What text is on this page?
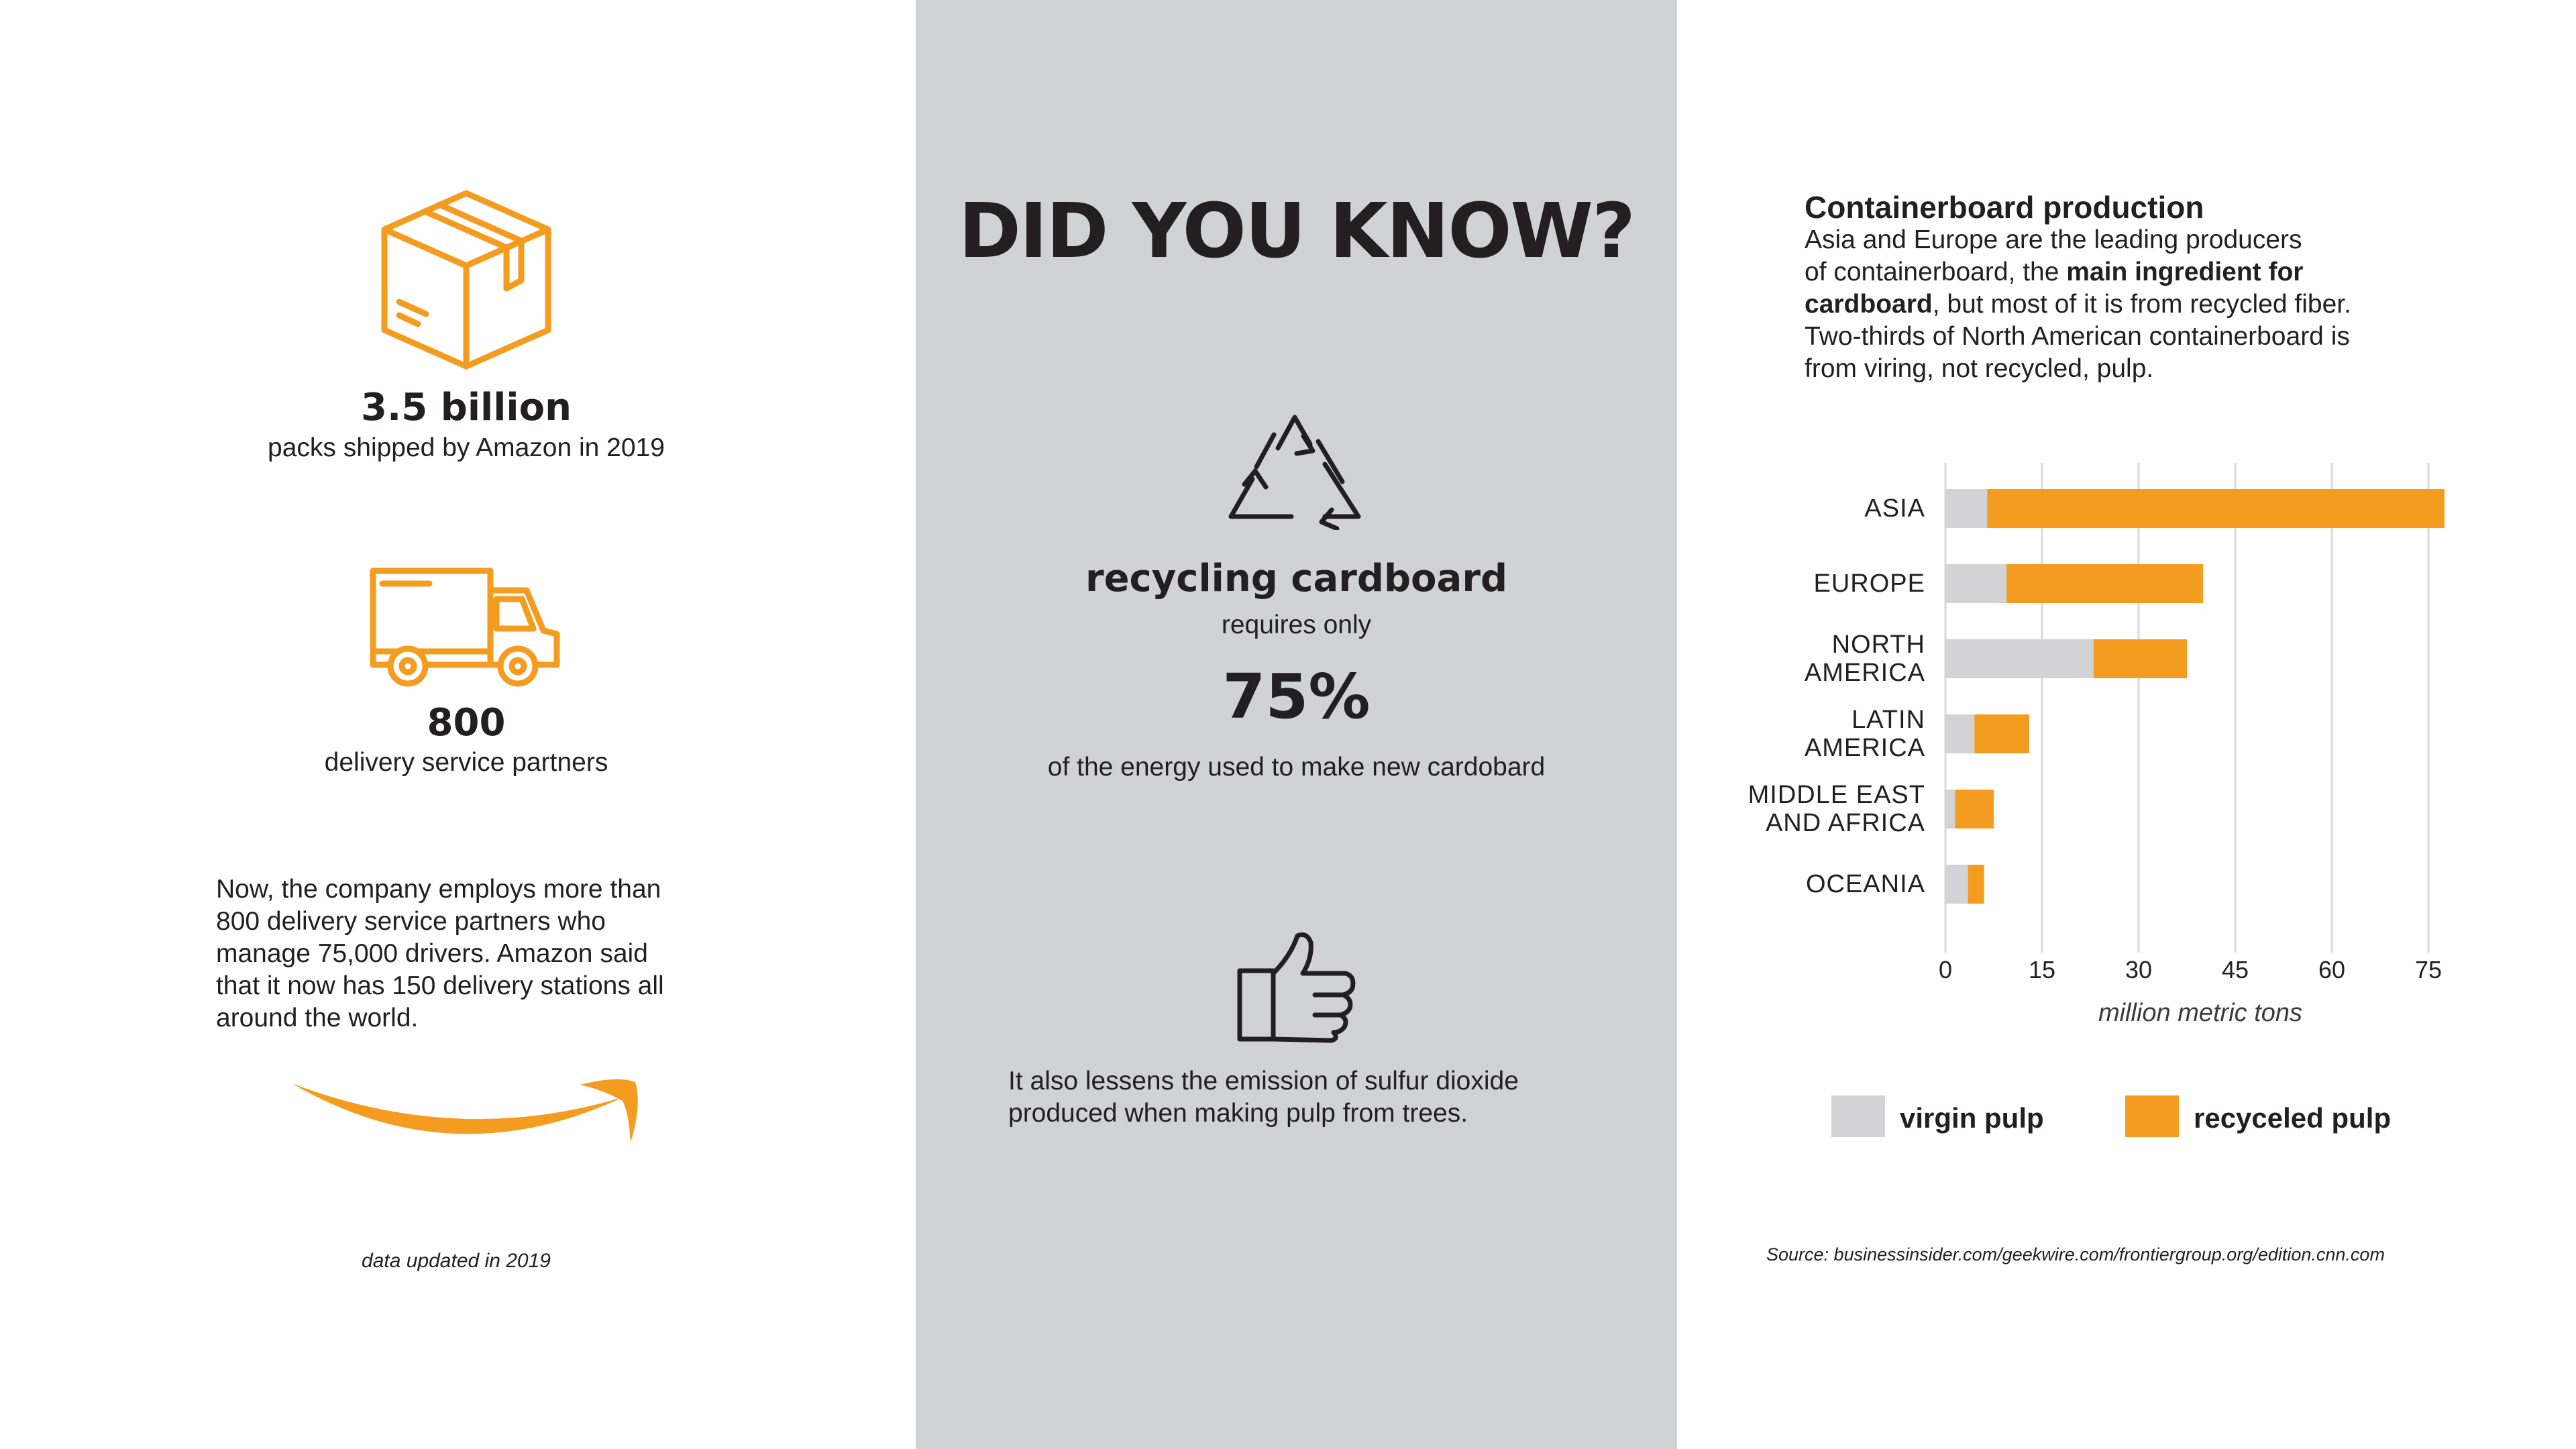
3.5 billion
packs shipped by Amazon in 2019
800
delivery service partners
Now, the company employs more than
800 delivery service partners who
manage 75,000 drivers. Amazon said
that it now has 150 delivery stations all
around the world.
data updated in 2019
DID YOU KNOW?
recycling cardboard
requires only
75%
of the energy used to make new cardobard
It also lessens the emission of sulfur dioxide
produced when making pulp from trees.
Containerboard production
Asia and Europe are the leading producers
of containerboard, the main ingredient for
cardboard, but most of it is from recycled fiber.
Two-thirds of North American containerboard is
from viring, not recycled, pulp.
0	15	30	45	60	75
ASIA
EUROPE
NORTH
AMERICA
LATIN
AMERICA
MIDDLE EAST
AND AFRICA
OCEANIA
million metric tons
virgin pulp	recyceled pulp
Source: businessinsider.com/geekwire.com/frontiergroup.org/edition.cnn.com
